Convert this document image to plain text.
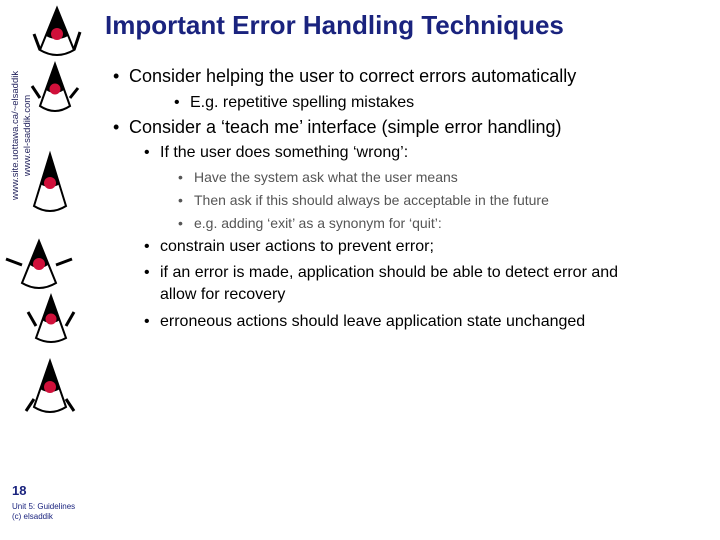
www.site.uottawa.ca/~elsaddik www.el-saddik.com
18
Unit 5: Guidelines
(c) elsaddik
Important Error Handling Techniques
• Consider helping the user to correct errors automatically
• E.g. repetitive spelling mistakes
• Consider a ‘teach me’ interface (simple error handling)
• If the user does something ‘wrong’:
• Have the system ask what the user means
• Then ask if this should always be acceptable in the future
• e.g. adding ‘exit’ as a synonym for ‘quit’:
• constrain user actions to prevent error;
• if an error is made, application should be able to detect error and
allow for recovery
• erroneous actions should leave application state unchanged
